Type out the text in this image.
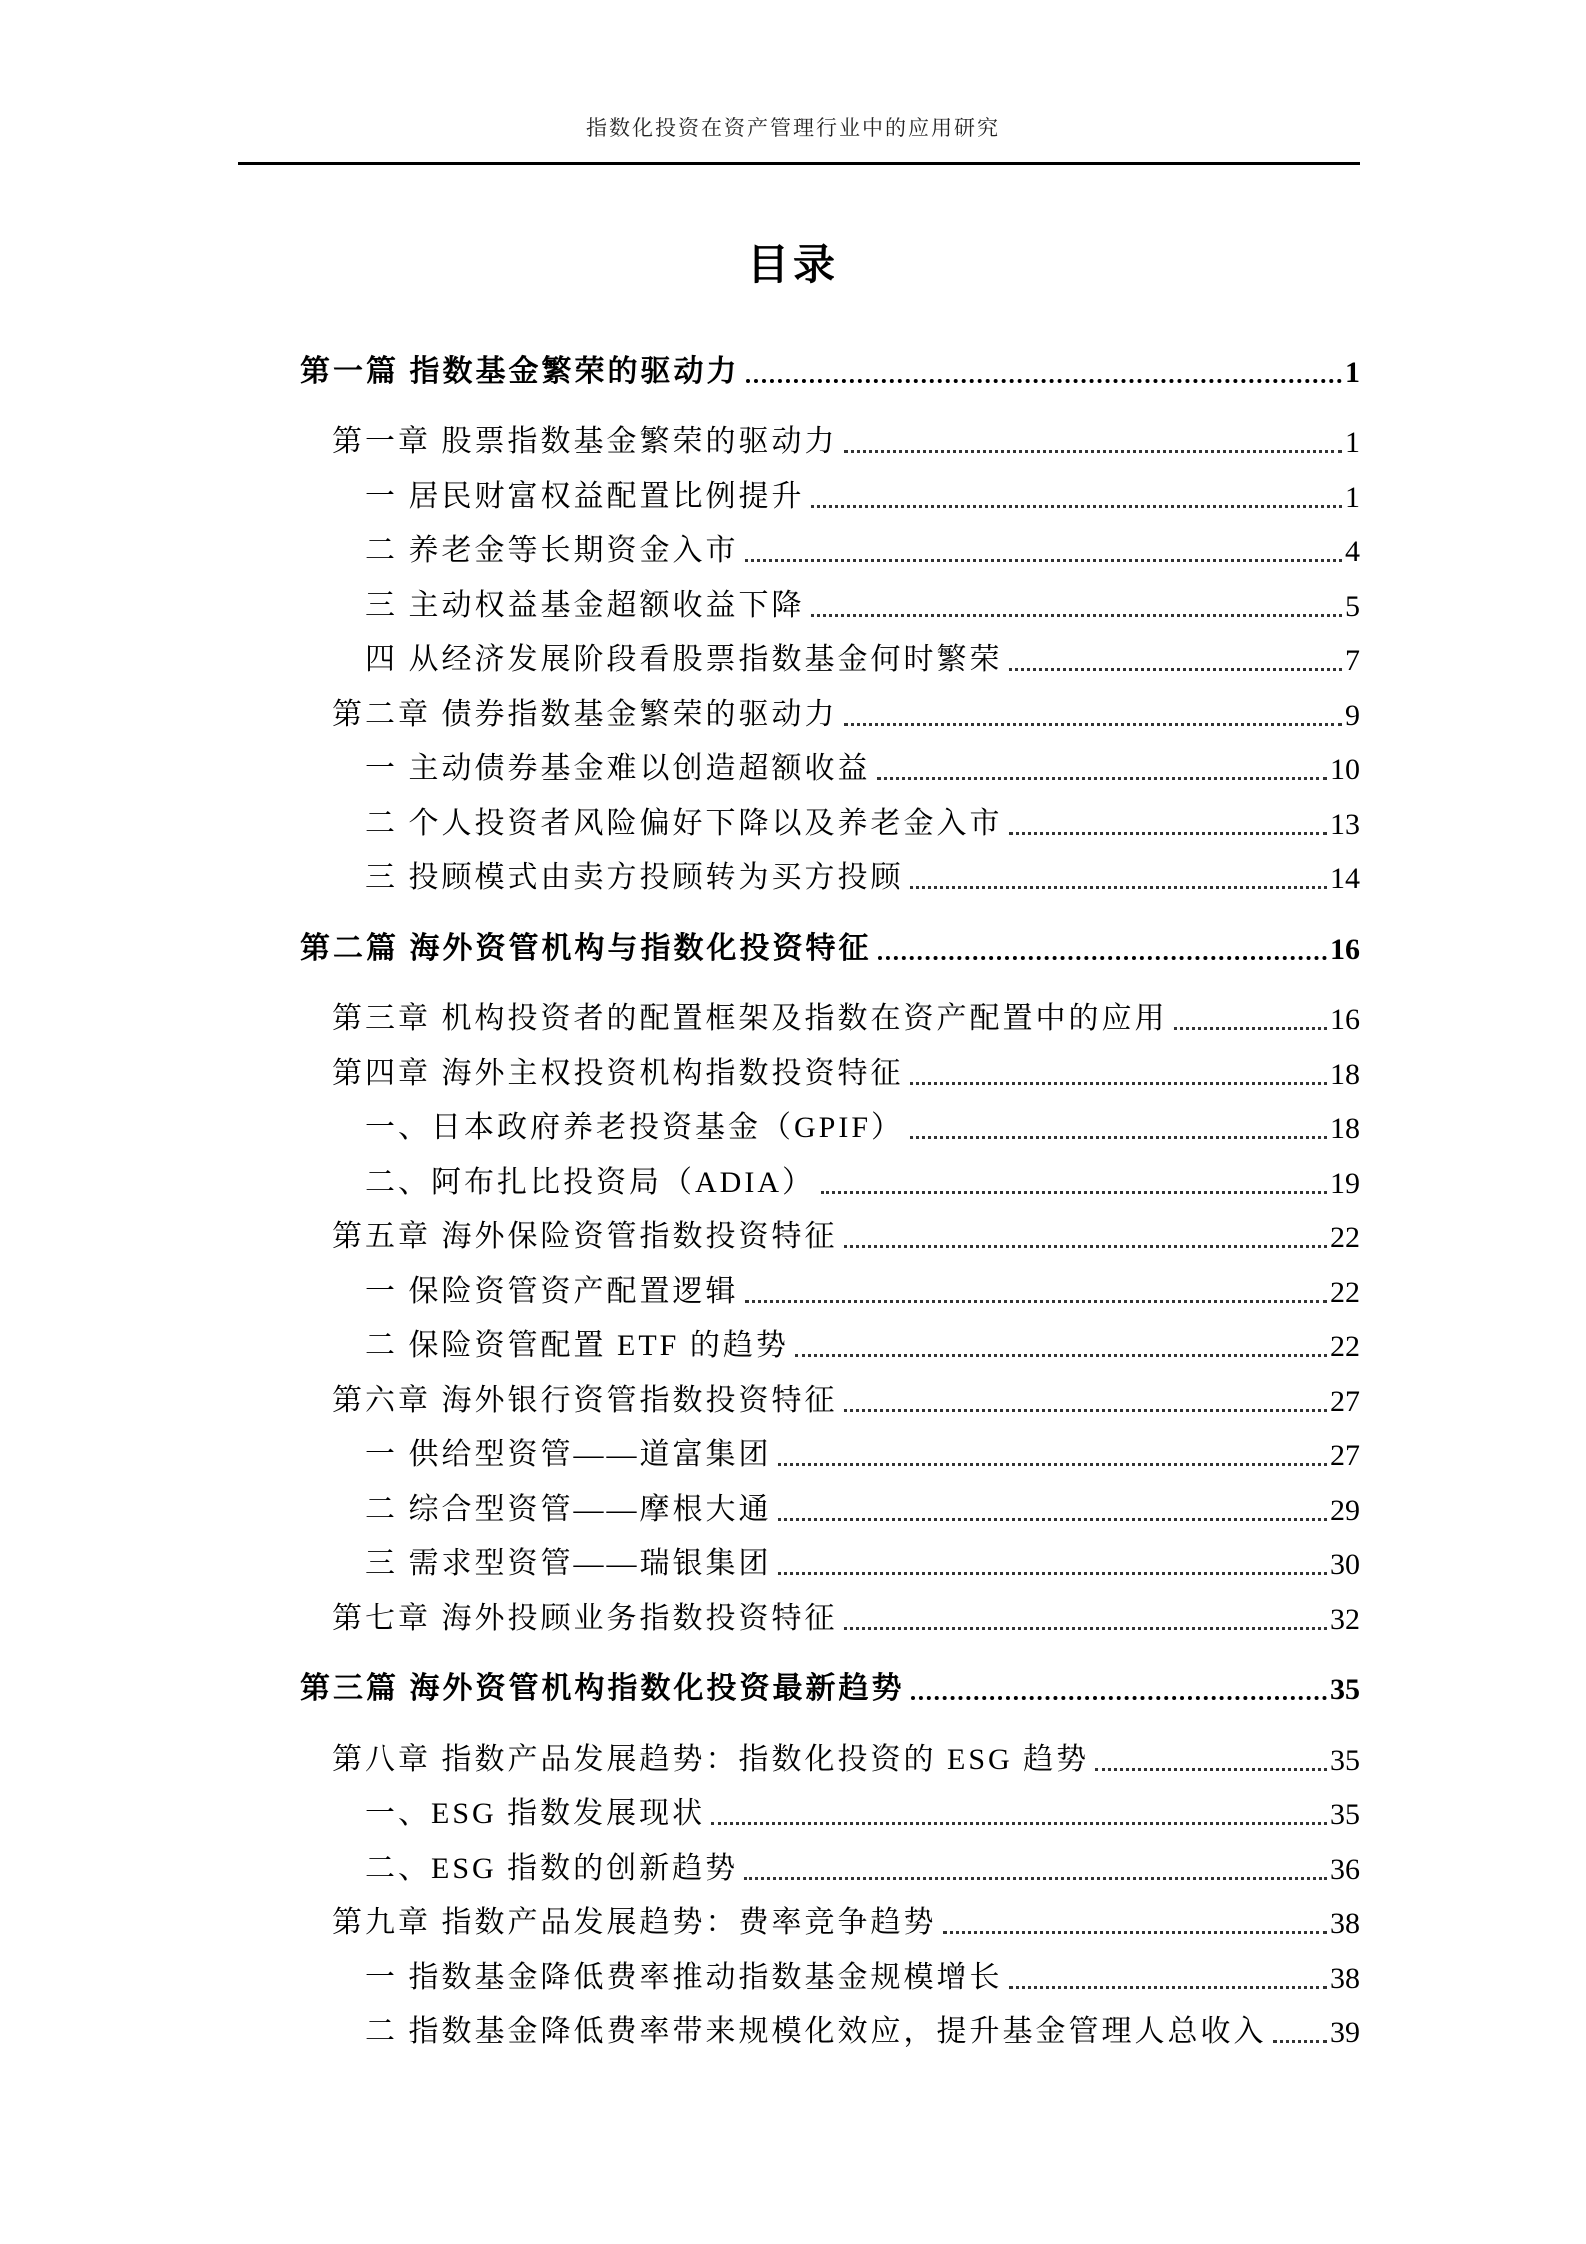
指数化投资在资产管理行业中的应用研究
目录
第一篇 指数基金繁荣的驱动力	1
第一章 股票指数基金繁荣的驱动力	1
一 居民财富权益配置比例提升	1
二 养老金等长期资金入市	4
三 主动权益基金超额收益下降	5
四 从经济发展阶段看股票指数基金何时繁荣	7
第二章 债券指数基金繁荣的驱动力	9
一 主动债券基金难以创造超额收益	10
二 个人投资者风险偏好下降以及养老金入市	13
三 投顾模式由卖方投顾转为买方投顾	14
第二篇 海外资管机构与指数化投资特征	16
第三章 机构投资者的配置框架及指数在资产配置中的应用	16
第四章 海外主权投资机构指数投资特征	18
一、日本政府养老投资基金（GPIF）	18
二、阿布扎比投资局（ADIA）	19
第五章 海外保险资管指数投资特征	22
一 保险资管资产配置逻辑	22
二 保险资管配置 ETF 的趋势	22
第六章 海外银行资管指数投资特征	27
一 供给型资管——道富集团	27
二 综合型资管——摩根大通	29
三 需求型资管——瑞银集团	30
第七章 海外投顾业务指数投资特征	32
第三篇 海外资管机构指数化投资最新趋势	35
第八章 指数产品发展趋势：指数化投资的 ESG 趋势	35
一、ESG 指数发展现状	35
二、ESG 指数的创新趋势	36
第九章 指数产品发展趋势：费率竞争趋势	38
一 指数基金降低费率推动指数基金规模增长	38
二 指数基金降低费率带来规模化效应，提升基金管理人总收入 39
